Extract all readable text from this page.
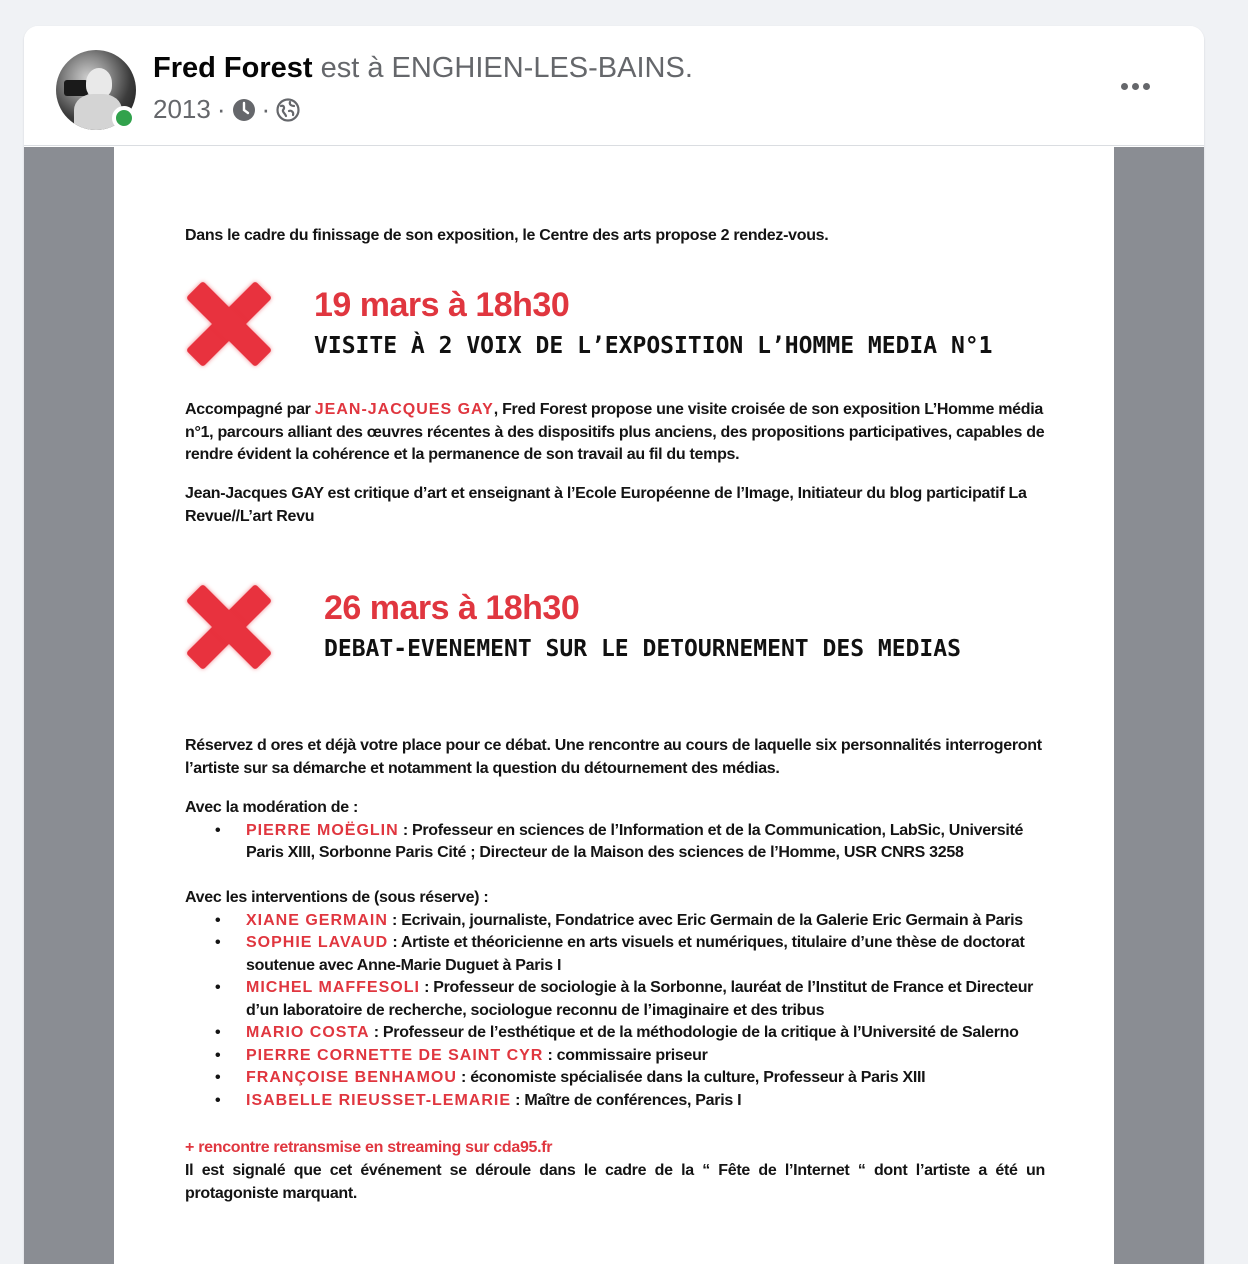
Fred Forest est à ENGHIEN-LES-BAINS.
2013 · ·
Dans le cadre du finissage de son exposition, le Centre des arts propose 2 rendez-vous.
19 mars à 18h30
VISITE À 2 VOIX DE L’EXPOSITION L’HOMME MEDIA N°1
Accompagné par JEAN-JACQUES GAY, Fred Forest propose une visite croisée de son exposition L’Homme média n°1, parcours alliant des œuvres récentes à des dispositifs plus anciens, des propositions participatives, capables de rendre évident la cohérence et la permanence de son travail au fil du temps.
Jean-Jacques GAY est critique d’art et enseignant à l’Ecole Européenne de l’Image, Initiateur du blog participatif La Revue//L’art Revu
26 mars à 18h30
DEBAT-EVENEMENT SUR LE DETOURNEMENT DES MEDIAS
Réservez d ores et déjà votre place pour ce débat. Une rencontre au cours de laquelle six personnalités interrogeront l’artiste sur sa démarche et notamment la question du détournement des médias.
Avec la modération de :
• PIERRE MOËGLIN : Professeur en sciences de l’Information et de la Communication, LabSic, Université Paris XIII, Sorbonne Paris Cité ; Directeur de la Maison des sciences de l’Homme, USR CNRS 3258
Avec les interventions de (sous réserve) :
• XIANE GERMAIN : Ecrivain, journaliste, Fondatrice avec Eric Germain de la Galerie Eric Germain à Paris
• SOPHIE LAVAUD : Artiste et théoricienne en arts visuels et numériques, titulaire d’une thèse de doctorat soutenue avec Anne-Marie Duguet à Paris I
• MICHEL MAFFESOLI : Professeur de sociologie à la Sorbonne, lauréat de l’Institut de France et Directeur d’un laboratoire de recherche, sociologue reconnu de l’imaginaire et des tribus
• MARIO COSTA : Professeur de l’esthétique et de la méthodologie de la critique à l’Université de Salerno
• PIERRE CORNETTE DE SAINT CYR : commissaire priseur
• FRANÇOISE BENHAMOU : économiste spécialisée dans la culture, Professeur à Paris XIII
• ISABELLE RIEUSSET-LEMARIE : Maître de conférences, Paris I
+ rencontre retransmise en streaming sur cda95.fr
Il est signalé que cet événement se déroule dans le cadre de la “ Fête de l’Internet “ dont l’artiste a été un protagoniste marquant.
